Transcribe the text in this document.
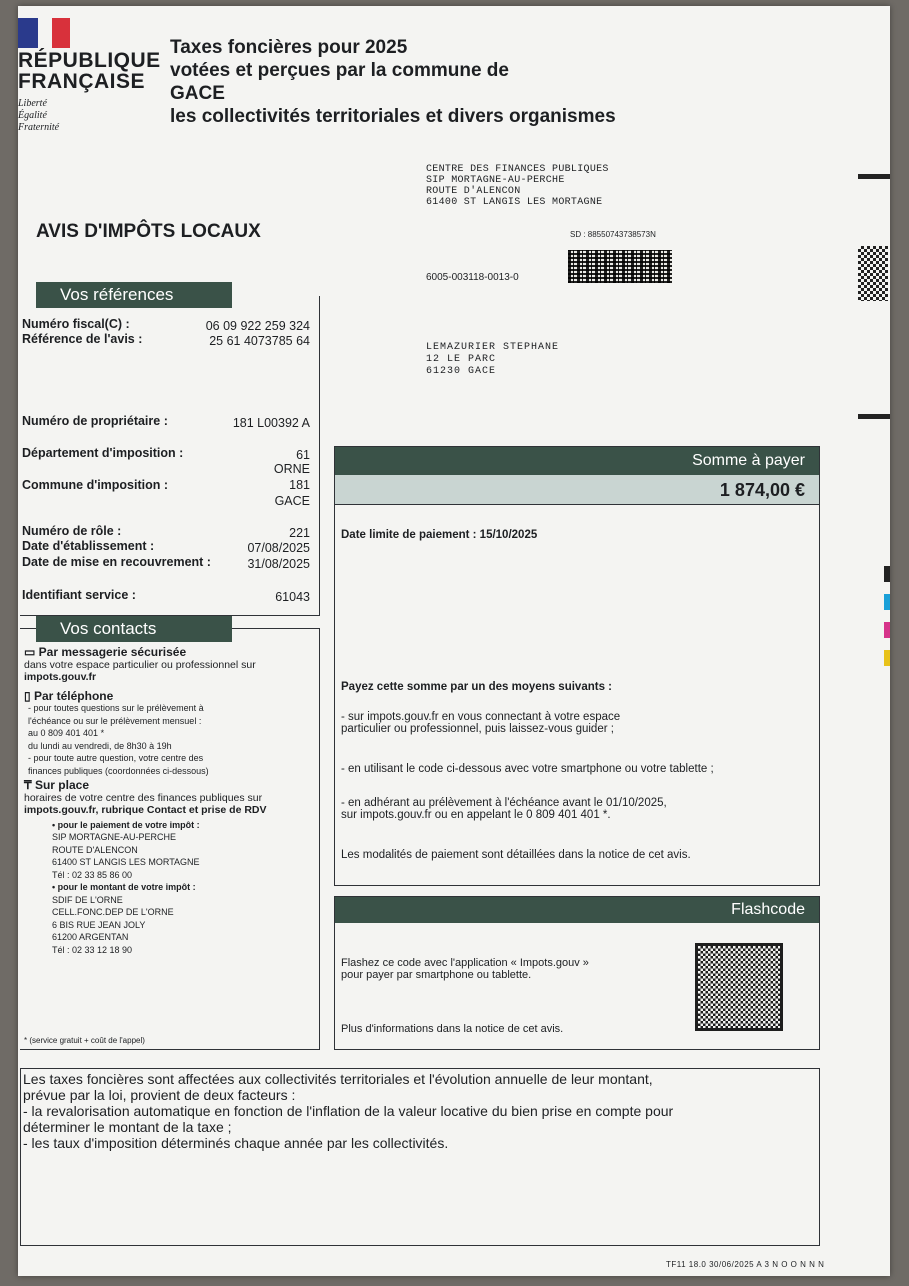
RÉPUBLIQUE
FRANÇAISE
Liberté
Égalité
Fraternité
Taxes foncières pour 2025
votées et perçues par la commune de
GACE
les collectivités territoriales et divers organismes
CENTRE DES FINANCES PUBLIQUES
SIP MORTAGNE-AU-PERCHE
ROUTE D'ALENCON
61400 ST LANGIS LES MORTAGNE
AVIS D'IMPÔTS LOCAUX	SD : 88550743738573N
6005-003118-0013-0
LEMAZURIER STEPHANE
12 LE PARC
61230 GACE
Vos références
Numéro fiscal(C) :	06 09 922 259 324
Référence de l'avis :	25 61 4073785 64
Numéro de propriétaire :	181 L00392 A
Département d'imposition :	61
ORNE
Commune d'imposition :	181
GACE
Numéro de rôle :	221
Date d'établissement :	07/08/2025
Date de mise en recouvrement :	31/08/2025
Identifiant service :	61043
Vos contacts
▭ Par messagerie sécurisée
dans votre espace particulier ou professionnel sur
impots.gouv.fr
▯ Par téléphone
- pour toutes questions sur le prélèvement à
l'échéance ou sur le prélèvement mensuel :
au 0 809 401 401 *
du lundi au vendredi, de 8h30 à 19h
- pour toute autre question, votre centre des
finances publiques (coordonnées ci-dessous)
₸ Sur place
horaires de votre centre des finances publiques sur
impots.gouv.fr, rubrique Contact et prise de RDV
• pour le paiement de votre impôt :
SIP MORTAGNE-AU-PERCHE
ROUTE D'ALENCON
61400 ST LANGIS LES MORTAGNE
Tél : 02 33 85 86 00
• pour le montant de votre impôt :
SDIF DE L'ORNE
CELL.FONC.DEP DE L'ORNE
6 BIS RUE JEAN JOLY
61200 ARGENTAN
Tél : 02 33 12 18 90
* (service gratuit + coût de l'appel)
Somme à payer
1 874,00 €
Date limite de paiement : 15/10/2025
Payez cette somme par un des moyens suivants :
- sur impots.gouv.fr en vous connectant à votre espace
particulier ou professionnel, puis laissez-vous guider ;
- en utilisant le code ci-dessous avec votre smartphone ou votre tablette ;
- en adhérant au prélèvement à l'échéance avant le 01/10/2025,
sur impots.gouv.fr ou en appelant le 0 809 401 401 *.
Les modalités de paiement sont détaillées dans la notice de cet avis.
Flashcode
Flashez ce code avec l'application « Impots.gouv »
pour payer par smartphone ou tablette.
Plus d'informations dans la notice de cet avis.
Les taxes foncières sont affectées aux collectivités territoriales et l'évolution annuelle de leur montant,
prévue par la loi, provient de deux facteurs :
- la revalorisation automatique en fonction de l'inflation de la valeur locative du bien prise en compte pour
déterminer le montant de la taxe ;
- les taux d'imposition déterminés chaque année par les collectivités.
TF11 18.0 30/06/2025 A 3 N O O N N N
